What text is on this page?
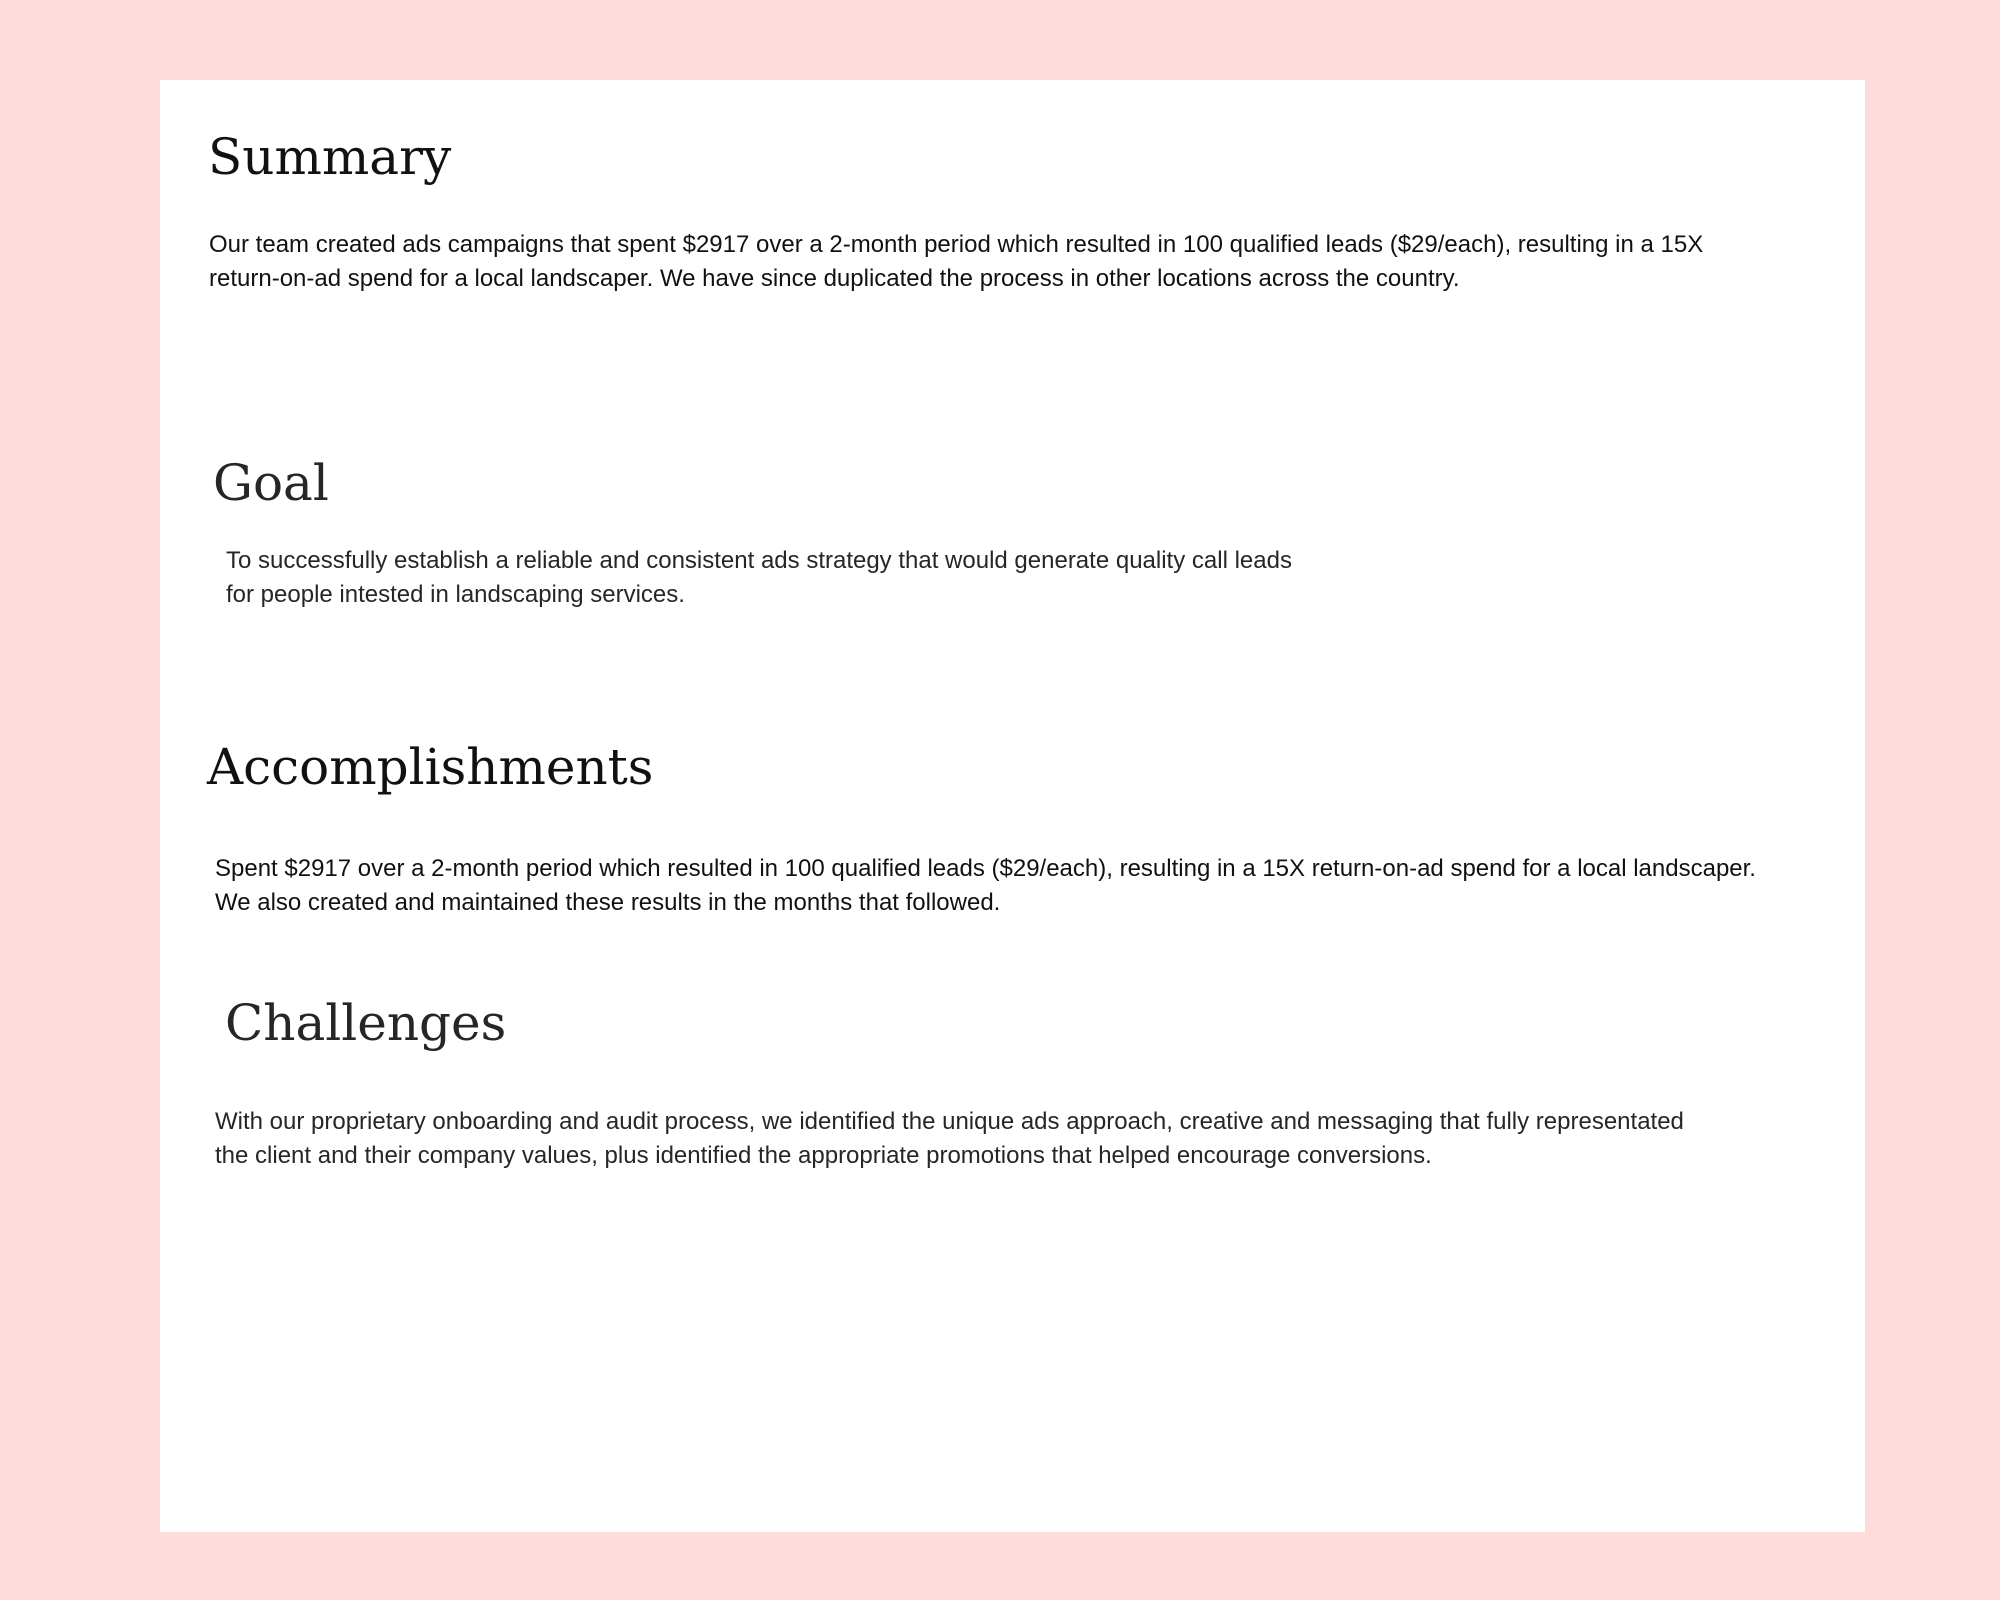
Summary

Our team created ads campaigns that spent $2917 over a 2-month period which resulted in 100 qualified leads ($29/each), resulting in a 15X return-on-ad spend for a local landscaper. We have since duplicated the process in other locations across the country.

Goal

To successfully establish a reliable and consistent ads strategy that would generate quality call leads for people intested in landscaping services.

Accomplishments

Spent $2917 over a 2-month period which resulted in 100 qualified leads ($29/each), resulting in a 15X return-on-ad spend for a local landscaper. We also created and maintained these results in the months that followed.

Challenges

With our proprietary onboarding and audit process, we identified the unique ads approach, creative and messaging that fully representated the client and their company values, plus identified the appropriate promotions that helped encourage conversions.
